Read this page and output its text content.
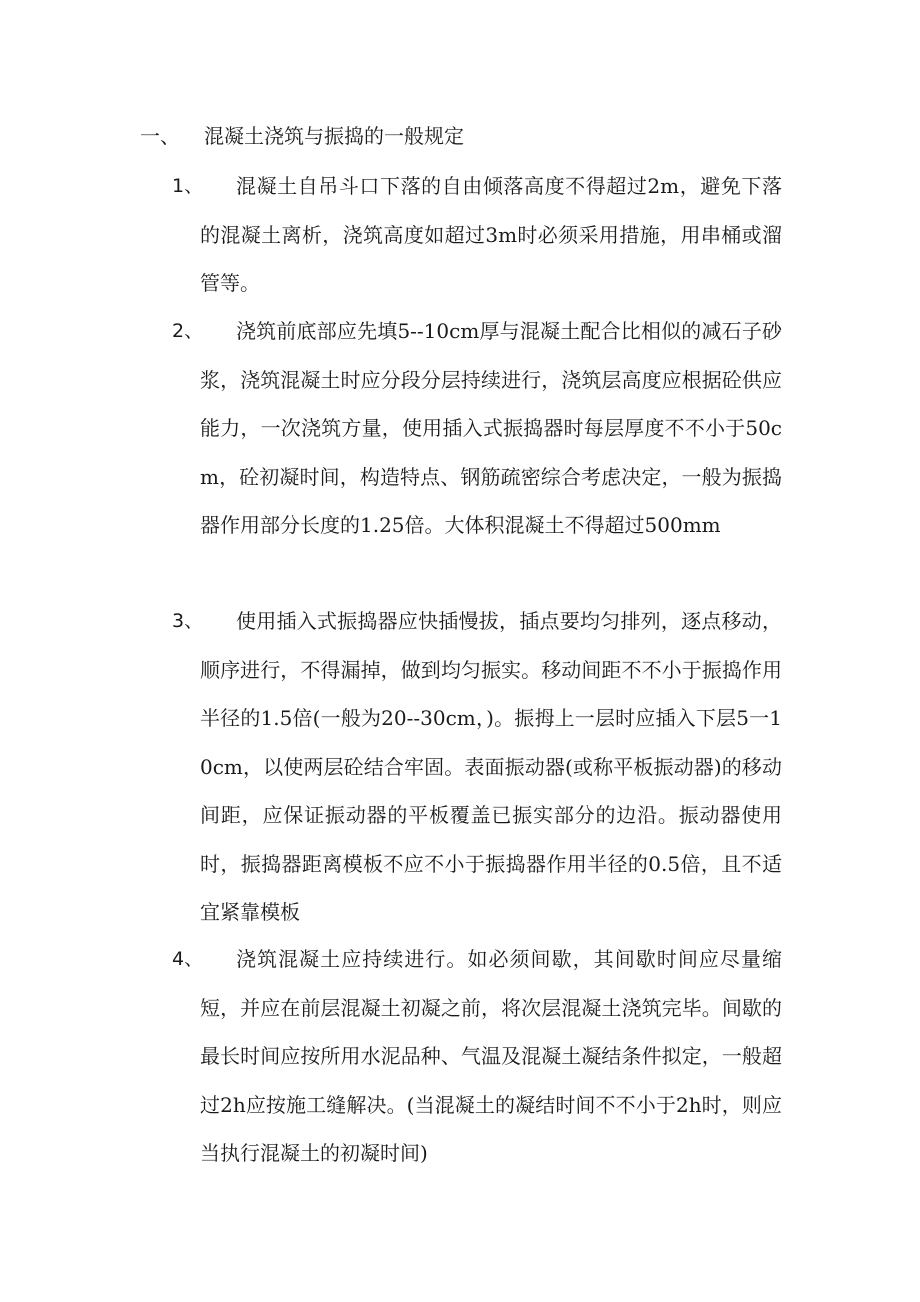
一、 混凝土浇筑与振捣的一般规定
1、	混凝土自吊斗口下落的自由倾落高度不得超过2m，避免下落的混凝土离析，浇筑高度如超过3m时必须采用措施，用串桶或溜管等。
2、	浇筑前底部应先填5--10cm厚与混凝土配合比相似的减石子砂浆，浇筑混凝土时应分段分层持续进行，浇筑层高度应根据砼供应能力，一次浇筑方量，使用插入式振捣器时每层厚度不不小于50cm，砼初凝时间，构造特点、钢筋疏密综合考虑决定，一般为振捣器作用部分长度的1.25倍。大体积混凝土不得超过500mm
3、	使用插入式振捣器应快插慢拔，插点要均匀排列，逐点移动，顺序进行，不得漏掉，做到均匀振实。移动间距不不小于振捣作用半径的1.5倍(一般为20--30cm，)。振拇上一层时应插入下层5一10cm，以使两层砼结合牢固。表面振动器(或称平板振动器)的移动间距，应保证振动器的平板覆盖已振实部分的边沿。振动器使用时，振捣器距离模板不应不小于振捣器作用半径的0.5倍，且不适宜紧靠模板
4、	浇筑混凝土应持续进行。如必须间歇，其间歇时间应尽量缩短，并应在前层混凝土初凝之前，将次层混凝土浇筑完毕。间歇的最长时间应按所用水泥品种、气温及混凝土凝结条件拟定，一般超过2h应按施工缝解决。(当混凝土的凝结时间不不小于2h时，则应当执行混凝土的初凝时间)
